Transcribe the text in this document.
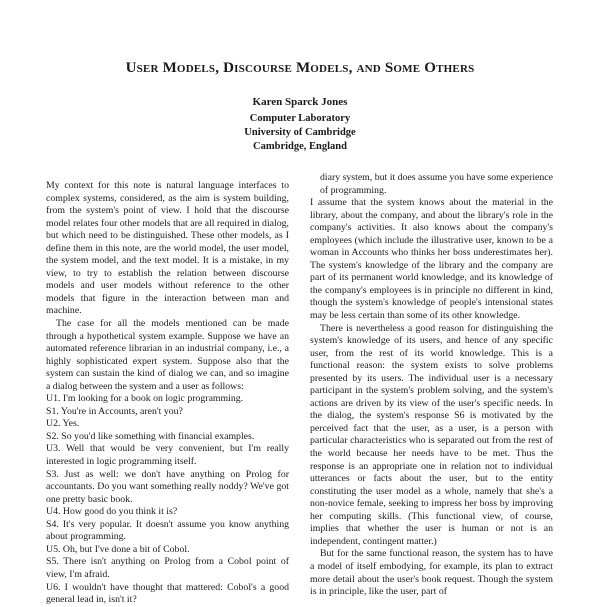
User Models, Discourse Models, and Some Others
Karen Sparck Jones
Computer Laboratory
University of Cambridge
Cambridge, England

My context for this note is natural language interfaces to complex systems, considered, as the aim is system building, from the system's point of view. I hold that the discourse model relates four other models that are all required in dialog, but which need to be distinguished. These other models, as I define them in this note, are the world model, the user model, the system model, and the text model. It is a mistake, in my view, to try to establish the relation between discourse models and user models without reference to the other models that figure in the interaction between man and machine.

The case for all the models mentioned can be made through a hypothetical system example. Suppose we have an automated reference librarian in an industrial company, i.e., a highly sophisticated expert system. Suppose also that the system can sustain the kind of dialog we can, and so imagine a dialog between the system and a user as follows:

U1. I'm looking for a book on logic programming.

S1. You're in Accounts, aren't you?

U2. Yes.

S2. So you'd like something with financial examples.

U3. Well that would be very convenient, but I'm really interested in logic programming itself.

S3. Just as well: we don't have anything on Prolog for accountants. Do you want something really noddy? We've got one pretty basic book.

U4. How good do you think it is?

S4. It's very popular. It doesn't assume you know anything about programming.

U5. Oh, but I've done a bit of Cobol.

S5. There isn't anything on Prolog from a Cobol point of view, I'm afraid.

U6. I wouldn't have thought that mattered: Cobol's a good general lead in, isn't it?

diary system, but it does assume you have some experience of programming.

I assume that the system knows about the material in the library, about the company, and about the library's role in the company's activities. It also knows about the company's employees (which include the illustrative user, known to be a woman in Accounts who thinks her boss underestimates her). The system's knowledge of the library and the company are part of its permanent world knowledge, and its knowledge of the company's employees is in principle no different in kind, though the system's knowledge of people's intensional states may be less certain than some of its other knowledge.

There is nevertheless a good reason for distinguishing the system's knowledge of its users, and hence of any specific user, from the rest of its world knowledge. This is a functional reason: the system exists to solve problems presented by its users. The individual user is a necessary participant in the system's problem solving, and the system's actions are driven by its view of the user's specific needs. In the dialog, the system's response S6 is motivated by the perceived fact that the user, as a user, is a person with particular characteristics who is separated out from the rest of the world because her needs have to be met. Thus the response is an appropriate one in relation not to individual utterances or facts about the user, but to the entity constituting the user model as a whole, namely that she's a non-novice female, seeking to impress her boss by improving her computing skills. (This functional view, of course, implies that whether the user is human or not is an independent, contingent matter.)

But for the same functional reason, the system has to have a model of itself embodying, for example, its plan to extract more detail about the user's book request. Though the system is in principle, like the user, part of
